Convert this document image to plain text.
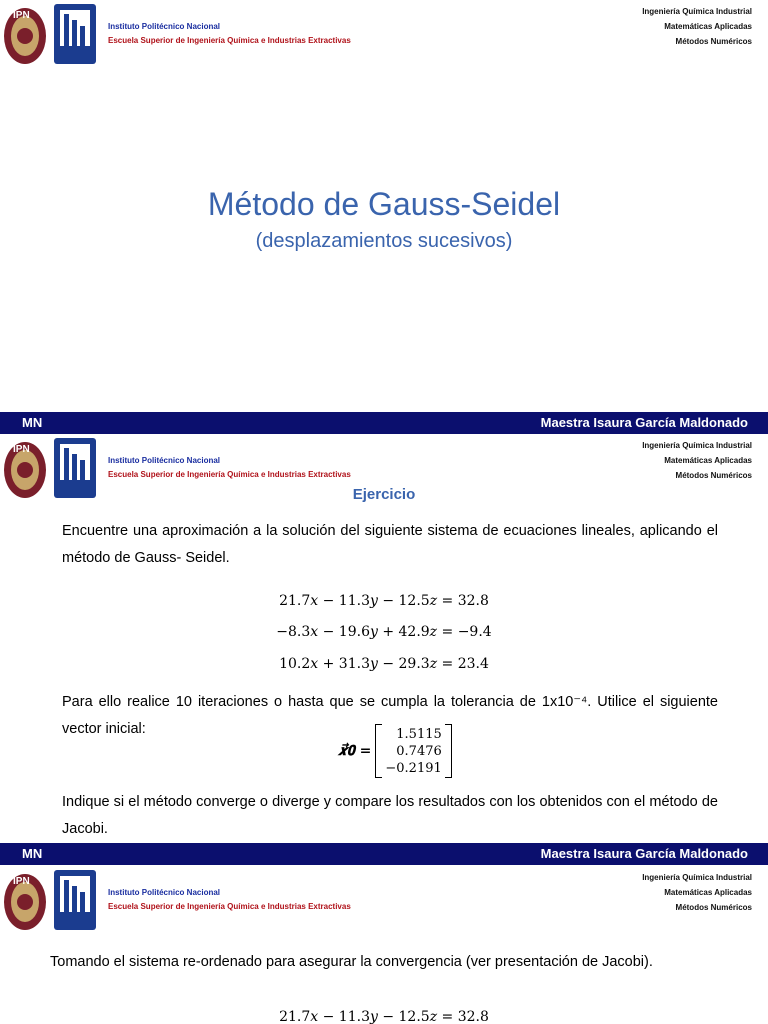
IPN
Instituto Politécnico Nacional
Escuela Superior de Ingeniería Química e Industrias Extractivas
Ingeniería Química Industrial
Matemáticas Aplicadas
Métodos Numéricos
Método de Gauss-Seidel
(desplazamientos sucesivos)
MN	Maestra Isaura García Maldonado
IPN
Instituto Politécnico Nacional
Escuela Superior de Ingeniería Química e Industrias Extractivas
Ingeniería Química Industrial
Matemáticas Aplicadas
Métodos Numéricos
Ejercicio
Encuentre una aproximación a la solución del siguiente sistema de ecuaciones lineales, aplicando el método de Gauss- Seidel.
21.7𝑥 − 11.3𝑦 − 12.5𝑧 = 32.8
−8.3𝑥 − 19.6𝑦 + 42.9𝑧 = −9.4
10.2𝑥 + 31.3𝑦 − 29.3𝑧 = 23.4
Para ello realice 10 iteraciones o hasta que se cumpla la tolerancia de 1x10⁻⁴. Utilice el siguiente vector inicial:
𝒙⃗𝟎 =
1.5115
0.7476
−0.2191
Indique si el método converge o diverge y compare los resultados con los obtenidos con el método de Jacobi.
MN	Maestra Isaura García Maldonado
IPN
Instituto Politécnico Nacional
Escuela Superior de Ingeniería Química e Industrias Extractivas
Ingeniería Química Industrial
Matemáticas Aplicadas
Métodos Numéricos
Tomando el sistema re-ordenado para asegurar la convergencia (ver presentación de Jacobi).
21.7𝑥 − 11.3𝑦 − 12.5𝑧 = 32.8
